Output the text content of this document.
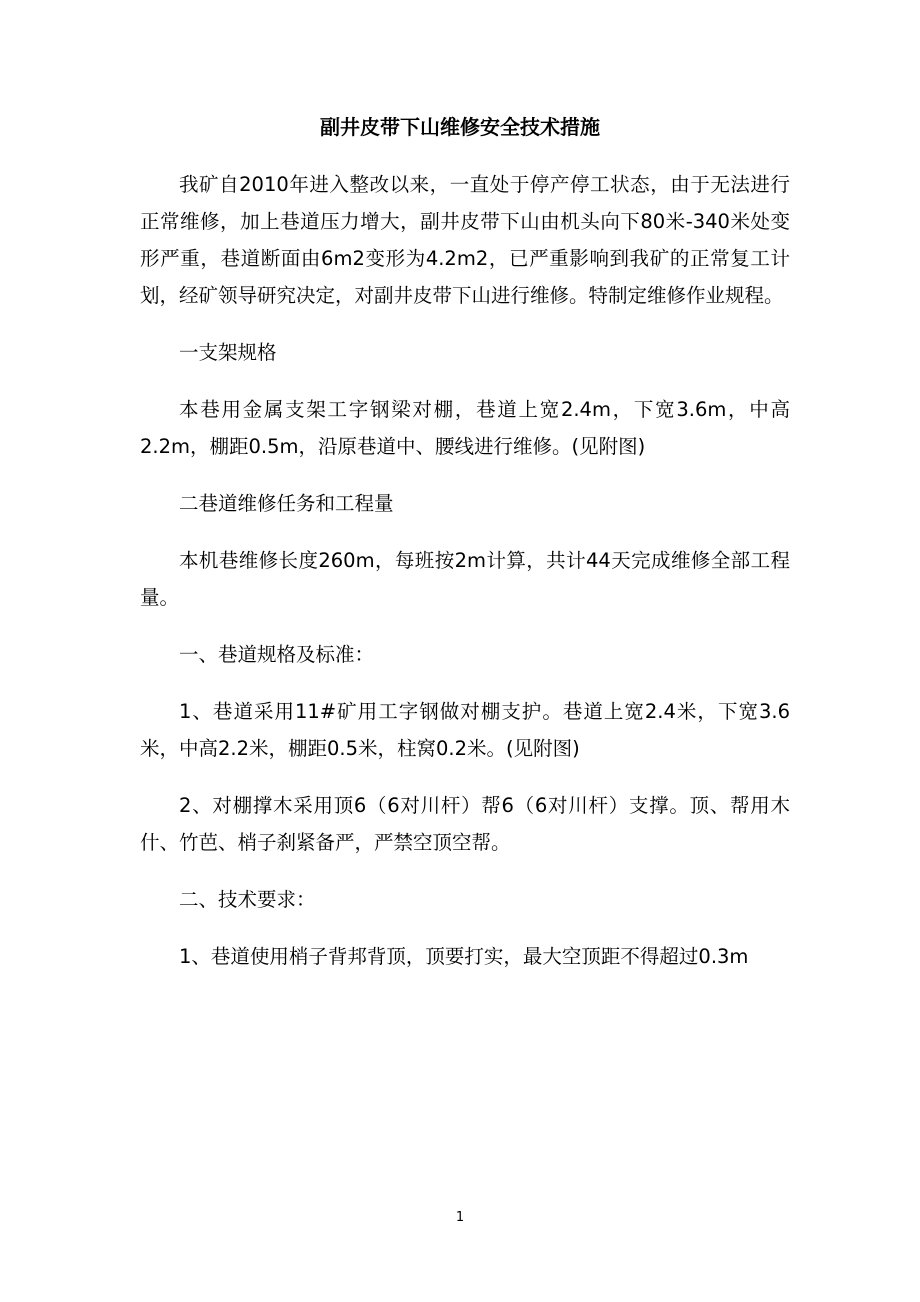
副井皮带下山维修安全技术措施

我矿自2010年进入整改以来，一直处于停产停工状态，由于无法进行正常维修，加上巷道压力增大，副井皮带下山由机头向下80米-340米处变形严重，巷道断面由6m2变形为4.2m2，已严重影响到我矿的正常复工计划，经矿领导研究决定，对副井皮带下山进行维修。特制定维修作业规程。

一支架规格

本巷用金属支架工字钢梁对棚，巷道上宽2.4m，下宽3.6m，中高2.2m，棚距0.5m，沿原巷道中、腰线进行维修。(见附图)

二巷道维修任务和工程量

本机巷维修长度260m，每班按2m计算，共计44天完成维修全部工程量。

一、巷道规格及标准：

1、巷道采用11#矿用工字钢做对棚支护。巷道上宽2.4米，下宽3.6米，中高2.2米，棚距0.5米，柱窝0.2米。(见附图)

2、对棚撑木采用顶6（6对川杆）帮6（6对川杆）支撑。顶、帮用木什、竹芭、梢子刹紧备严，严禁空顶空帮。

二、技术要求：

1、巷道使用梢子背邦背顶，顶要打实，最大空顶距不得超过0.3m

1
